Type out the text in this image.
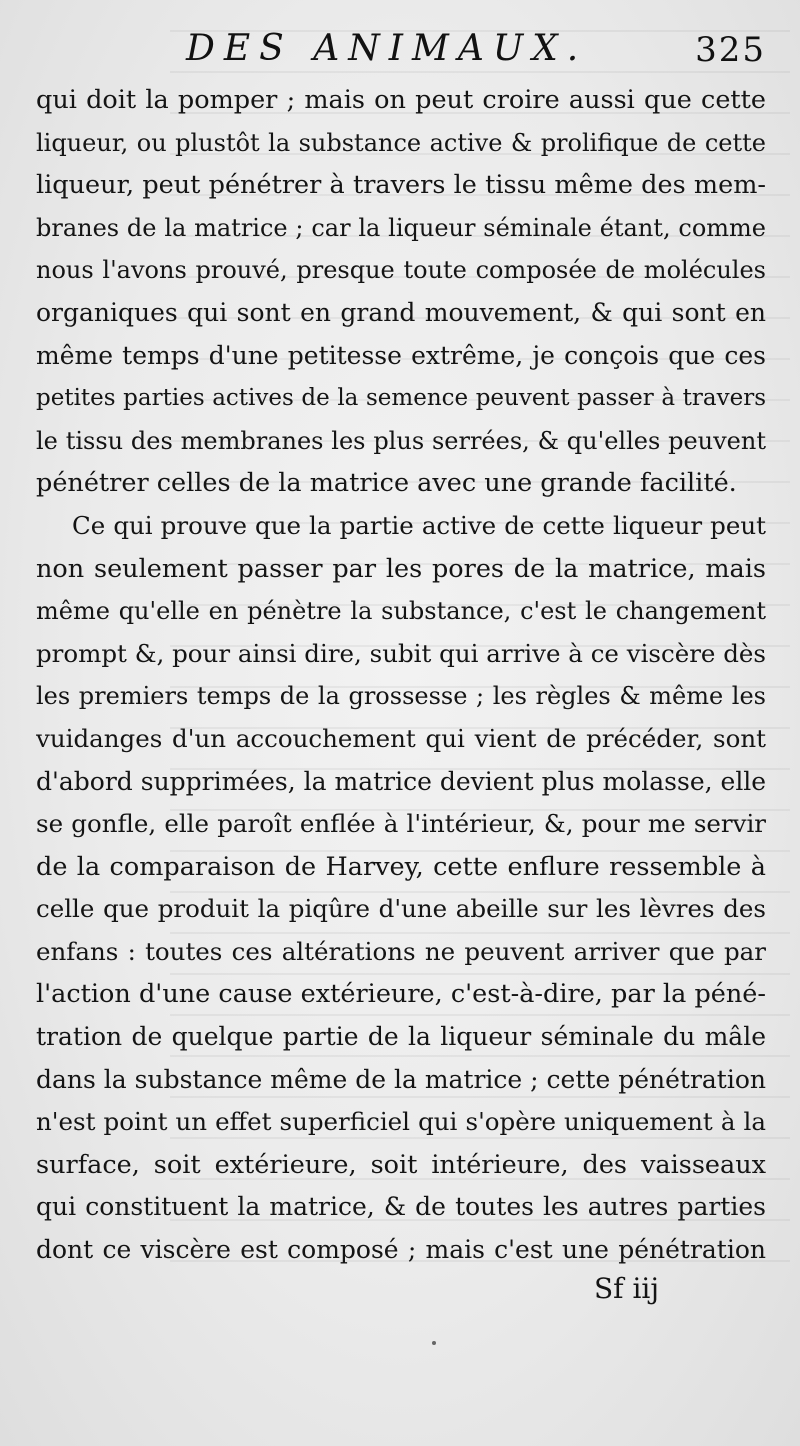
DES ANIMAUX.	325
qui doit la pomper ; mais on peut croire aussi que cette
liqueur, ou plustôt la substance active & prolifique de cette
liqueur, peut pénétrer à travers le tissu même des mem-
branes de la matrice ; car la liqueur séminale étant, comme
nous l'avons prouvé, presque toute composée de molécules
organiques qui sont en grand mouvement, & qui sont en
même temps d'une petitesse extrême, je conçois que ces
petites parties actives de la semence peuvent passer à travers
le tissu des membranes les plus serrées, & qu'elles peuvent
pénétrer celles de la matrice avec une grande facilité.
Ce qui prouve que la partie active de cette liqueur peut
non seulement passer par les pores de la matrice, mais
même qu'elle en pénètre la substance, c'est le changement
prompt &, pour ainsi dire, subit qui arrive à ce viscère dès
les premiers temps de la grossesse ; les règles & même les
vuidanges d'un accouchement qui vient de précéder, sont
d'abord supprimées, la matrice devient plus molasse, elle
se gonfle, elle paroît enflée à l'intérieur, &, pour me servir
de la comparaison de Harvey, cette enflure ressemble à
celle que produit la piqûre d'une abeille sur les lèvres des
enfans : toutes ces altérations ne peuvent arriver que par
l'action d'une cause extérieure, c'est-à-dire, par la péné-
tration de quelque partie de la liqueur séminale du mâle
dans la substance même de la matrice ; cette pénétration
n'est point un effet superficiel qui s'opère uniquement à la
surface, soit extérieure, soit intérieure, des vaisseaux
qui constituent la matrice, & de toutes les autres parties
dont ce viscère est composé ; mais c'est une pénétration
Sf iij
